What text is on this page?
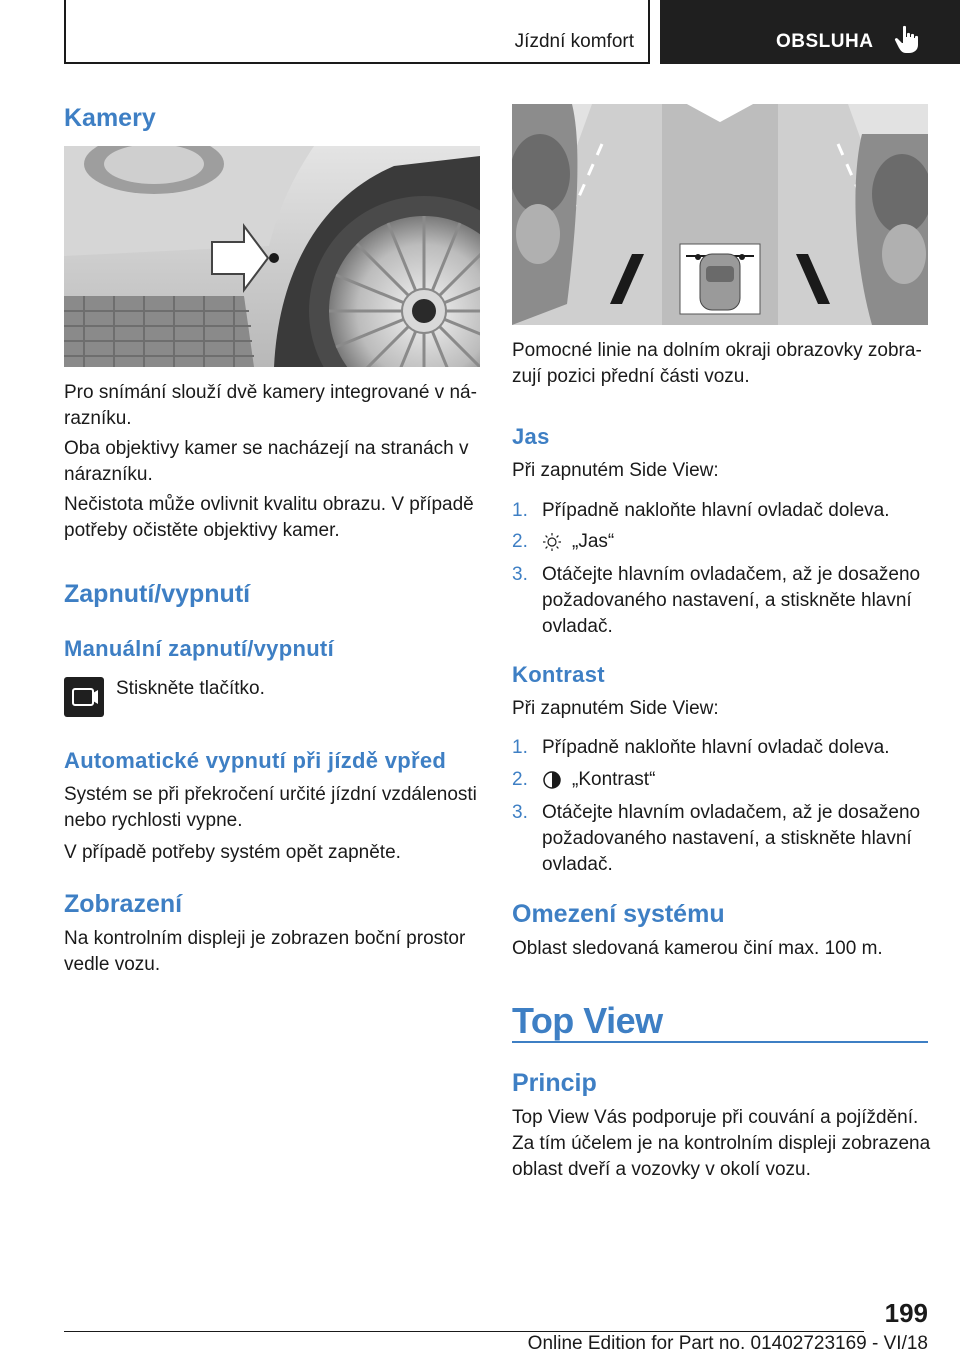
Jízdní komfort	OBSLUHA
Kamery
Pro snímání slouží dvě kamery integrované v nárazníku.
Oba objektivy kamer se nacházejí na stranách v nárazníku.
Nečistota může ovlivnit kvalitu obrazu. V případě potřeby očistěte objektivy kamer.
Zapnutí/vypnutí
Manuální zapnutí/vypnutí
Stiskněte tlačítko.
Automatické vypnutí při jízdě vpřed
Systém se při překročení určité jízdní vzdálenosti nebo rychlosti vypne.
V případě potřeby systém opět zapněte.
Zobrazení
Na kontrolním displeji je zobrazen boční prostor vedle vozu.
Pomocné linie na dolním okraji obrazovky zobrazují pozici přední části vozu.
Jas
Při zapnutém Side View:
1. Případně nakloňte hlavní ovladač doleva.
2.	„Jas“
3. Otáčejte hlavním ovladačem, až je dosaženo požadovaného nastavení, a stiskněte hlavní ovladač.
Kontrast
Při zapnutém Side View:
1. Případně nakloňte hlavní ovladač doleva.
2.	„Kontrast“
3. Otáčejte hlavním ovladačem, až je dosaženo požadovaného nastavení, a stiskněte hlavní ovladač.
Omezení systému
Oblast sledovaná kamerou činí max. 100 m.
Top View
Princip
Top View Vás podporuje při couvání a pojíždění. Za tím účelem je na kontrolním displeji zobrazena oblast dveří a vozovky v okolí vozu.
199
Online Edition for Part no. 01402723169 - VI/18
